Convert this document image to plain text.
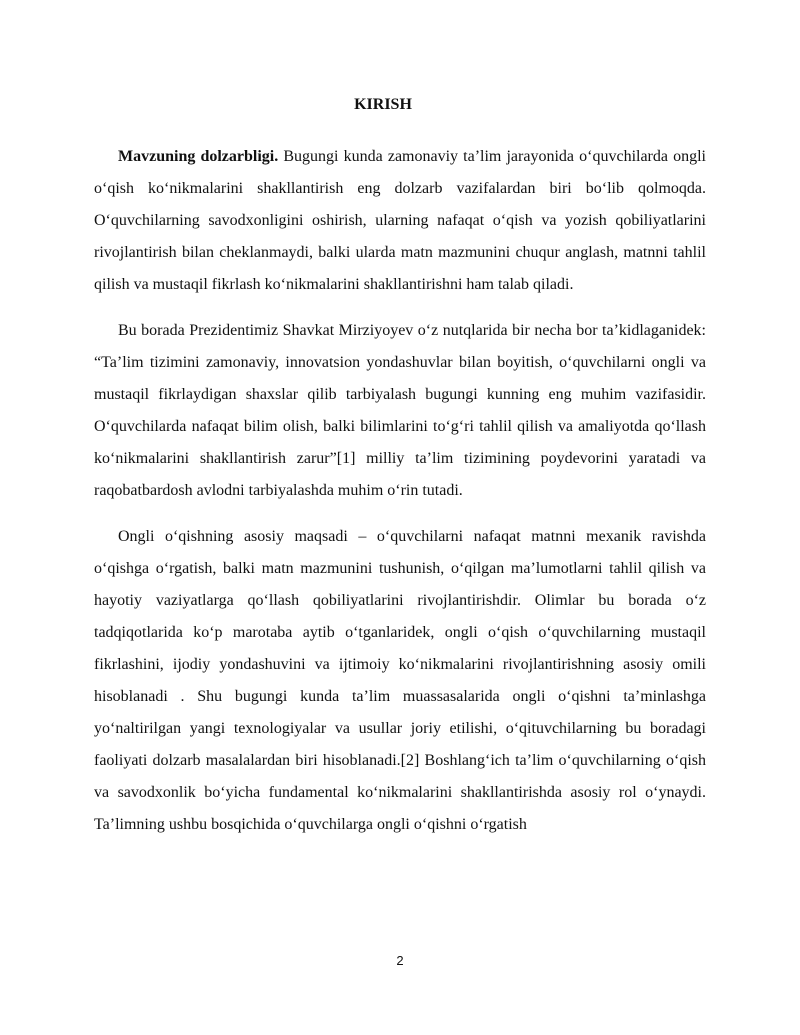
KIRISH

Mavzuning dolzarbligi. Bugungi kunda zamonaviy ta’lim jarayonida o‘quvchilarda ongli o‘qish ko‘nikmalarini shakllantirish eng dolzarb vazifalardan biri bo‘lib qolmoqda. O‘quvchilarning savodxonligini oshirish, ularning nafaqat o‘qish va yozish qobiliyatlarini rivojlantirish bilan cheklanmaydi, balki ularda matn mazmunini chuqur anglash, matnni tahlil qilish va mustaqil fikrlash ko‘nikmalarini shakllantirishni ham talab qiladi.

Bu borada Prezidentimiz Shavkat Mirziyoyev o‘z nutqlarida bir necha bor ta’kidlaganidek: “Ta’lim tizimini zamonaviy, innovatsion yondashuvlar bilan boyitish, o‘quvchilarni ongli va mustaqil fikrlaydigan shaxslar qilib tarbiyalash bugungi kunning eng muhim vazifasidir. O‘quvchilarda nafaqat bilim olish, balki bilimlarini to‘g‘ri tahlil qilish va amaliyotda qo‘llash ko‘nikmalarini shakllantirish zarur”[1] milliy ta’lim tizimining poydevorini yaratadi va raqobatbardosh avlodni tarbiyalashda muhim o‘rin tutadi.

Ongli o‘qishning asosiy maqsadi – o‘quvchilarni nafaqat matnni mexanik ravishda o‘qishga o‘rgatish, balki matn mazmunini tushunish, o‘qilgan ma’lumotlarni tahlil qilish va hayotiy vaziyatlarga qo‘llash qobiliyatlarini rivojlantirishdir. Olimlar bu borada o‘z tadqiqotlarida ko‘p marotaba aytib o‘tganlaridek, ongli o‘qish o‘quvchilarning mustaqil fikrlashini, ijodiy yondashuvini va ijtimoiy ko‘nikmalarini rivojlantirishning asosiy omili hisoblanadi . Shu bugungi kunda ta’lim muassasalarida ongli o‘qishni ta’minlashga yo‘naltirilgan yangi texnologiyalar va usullar joriy etilishi, o‘qituvchilarning bu boradagi faoliyati dolzarb masalalardan biri hisoblanadi.[2] Boshlang‘ich ta’lim o‘quvchilarning o‘qish va savodxonlik bo‘yicha fundamental ko‘nikmalarini shakllantirishda asosiy rol o‘ynaydi. Ta’limning ushbu bosqichida o‘quvchilarga ongli o‘qishni o‘rgatish

2
